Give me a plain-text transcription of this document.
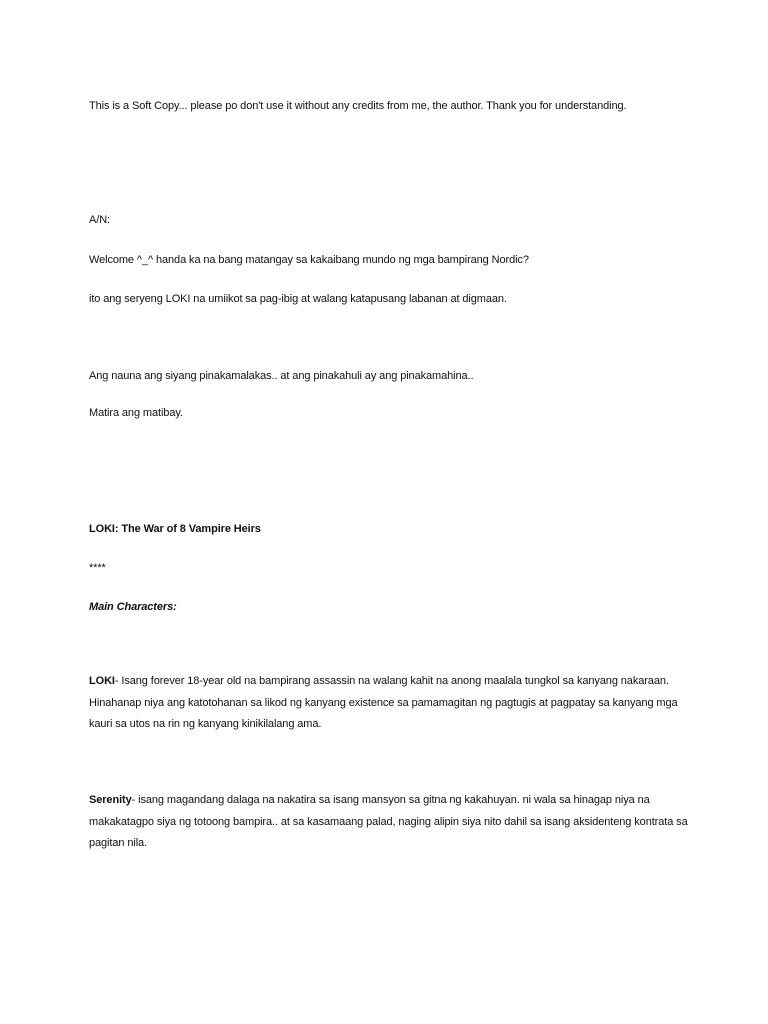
This is a Soft Copy... please po don't use it without any credits from me, the author. Thank you for understanding.
A/N:
Welcome ^_^ handa ka na bang matangay sa kakaibang mundo ng mga bampirang Nordic?
ito ang seryeng LOKI na umiikot sa pag-ibig at walang katapusang labanan at digmaan.
Ang nauna ang siyang pinakamalakas.. at ang pinakahuli ay ang pinakamahina..
Matira ang matibay.
LOKI: The War of 8 Vampire Heirs
****
Main Characters:
LOKI- Isang forever 18-year old na bampirang assassin na walang kahit na anong maalala tungkol sa kanyang nakaraan. Hinahanap niya ang katotohanan sa likod ng kanyang existence sa pamamagitan ng pagtugis at pagpatay sa kanyang mga kauri sa utos na rin ng kanyang kinikilalang ama.
Serenity- isang magandang dalaga na nakatira sa isang mansyon sa gitna ng kakahuyan. ni wala sa hinagap niya na makakatagpo siya ng totoong bampira.. at sa kasamaang palad, naging alipin siya nito dahil sa isang aksidenteng kontrata sa pagitan nila.
